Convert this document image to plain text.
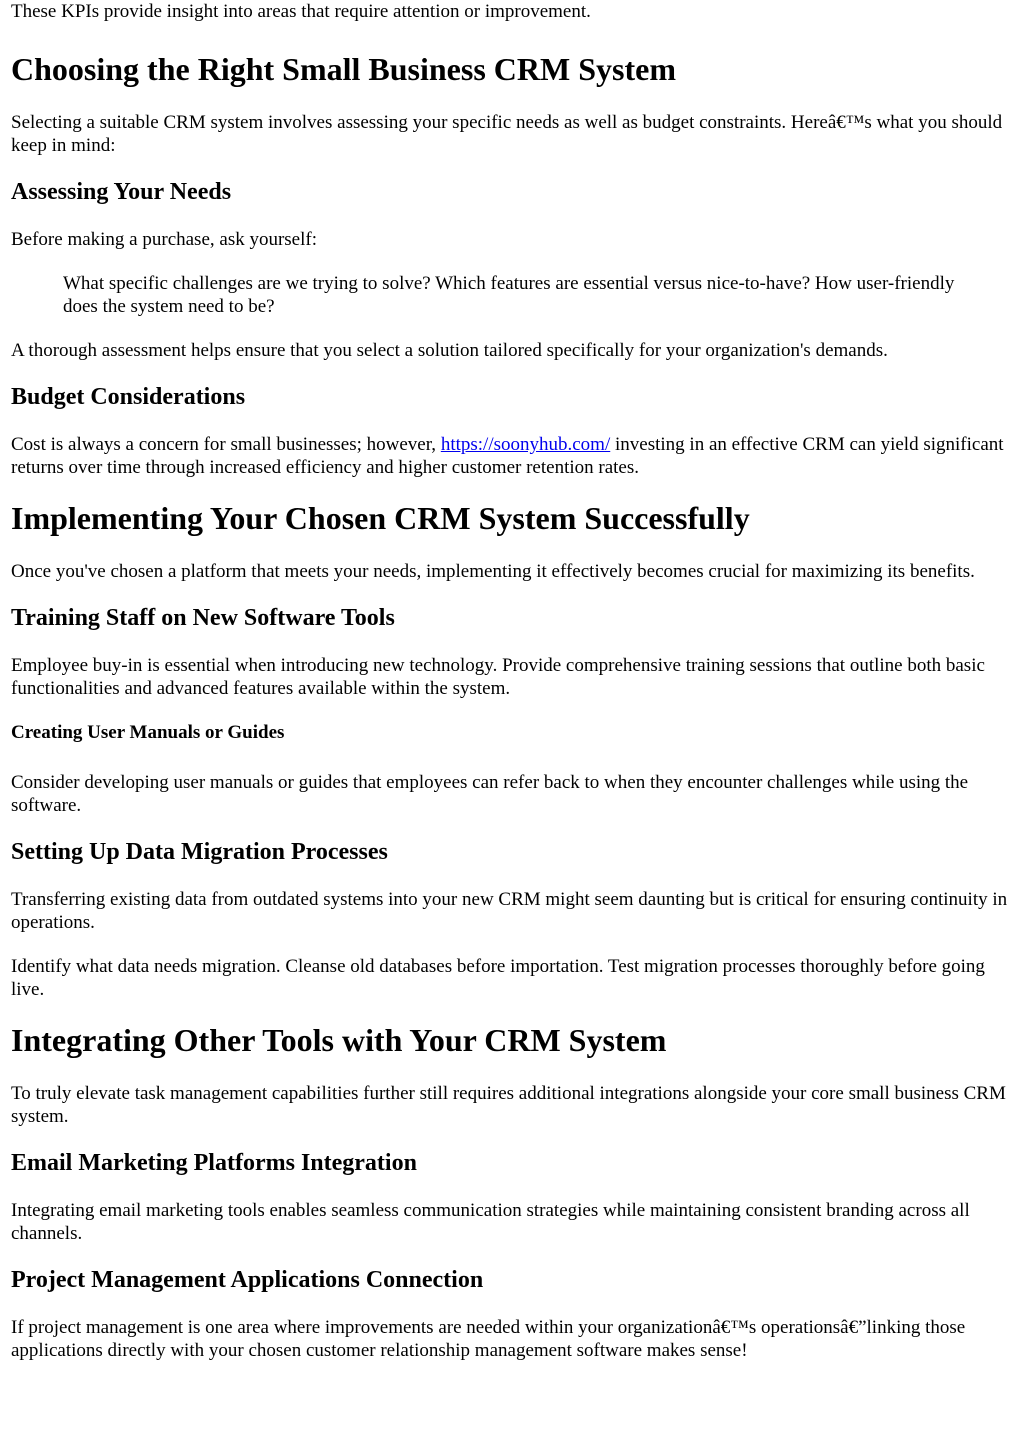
These KPIs provide insight into areas that require attention or improvement.

Choosing the Right Small Business CRM System

Selecting a suitable CRM system involves assessing your specific needs as well as budget constraints. Hereâ€™s what you should keep in mind:

Assessing Your Needs

Before making a purchase, ask yourself:

What specific challenges are we trying to solve? Which features are essential versus nice-to-have? How user-friendly does the system need to be?

A thorough assessment helps ensure that you select a solution tailored specifically for your organization's demands.

Budget Considerations

Cost is always a concern for small businesses; however, https://soonyhub.com/ investing in an effective CRM can yield significant returns over time through increased efficiency and higher customer retention rates.

Implementing Your Chosen CRM System Successfully

Once you've chosen a platform that meets your needs, implementing it effectively becomes crucial for maximizing its benefits.

Training Staff on New Software Tools

Employee buy-in is essential when introducing new technology. Provide comprehensive training sessions that outline both basic functionalities and advanced features available within the system.

Creating User Manuals or Guides

Consider developing user manuals or guides that employees can refer back to when they encounter challenges while using the software.

Setting Up Data Migration Processes

Transferring existing data from outdated systems into your new CRM might seem daunting but is critical for ensuring continuity in operations.

Identify what data needs migration. Cleanse old databases before importation. Test migration processes thoroughly before going live.

Integrating Other Tools with Your CRM System

To truly elevate task management capabilities further still requires additional integrations alongside your core small business CRM system.

Email Marketing Platforms Integration

Integrating email marketing tools enables seamless communication strategies while maintaining consistent branding across all channels.

Project Management Applications Connection

If project management is one area where improvements are needed within your organizationâ€™s operationsâ€”linking those applications directly with your chosen customer relationship management software makes sense!
